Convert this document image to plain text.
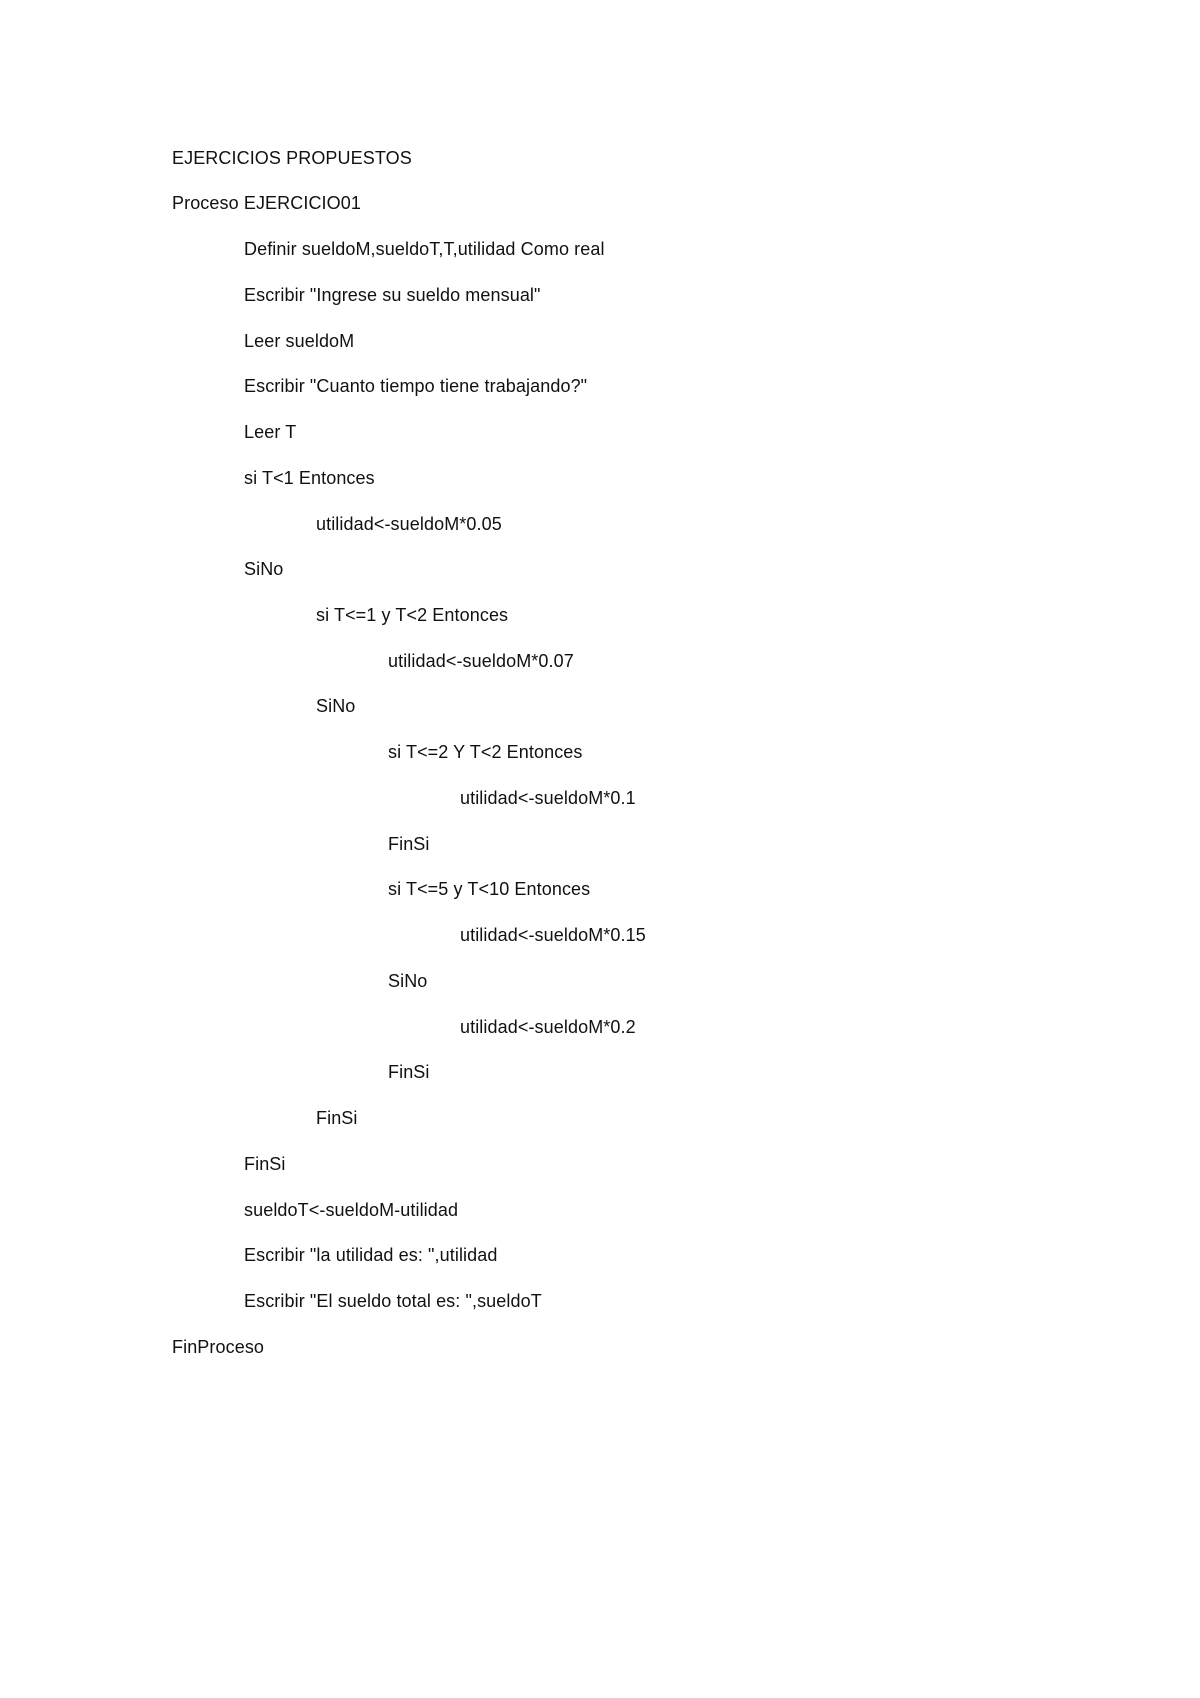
EJERCICIOS PROPUESTOS
Proceso EJERCICIO01
Definir sueldoM,sueldoT,T,utilidad Como real
Escribir "Ingrese su sueldo mensual"
Leer sueldoM
Escribir "Cuanto tiempo tiene trabajando?"
Leer T
si T<1 Entonces
utilidad<-sueldoM*0.05
SiNo
si T<=1 y T<2 Entonces
utilidad<-sueldoM*0.07
SiNo
si T<=2 Y T<2 Entonces
utilidad<-sueldoM*0.1
FinSi
si T<=5 y T<10 Entonces
utilidad<-sueldoM*0.15
SiNo
utilidad<-sueldoM*0.2
FinSi
FinSi
FinSi
sueldoT<-sueldoM-utilidad
Escribir "la utilidad es: ",utilidad
Escribir "El sueldo total es: ",sueldoT
FinProceso
